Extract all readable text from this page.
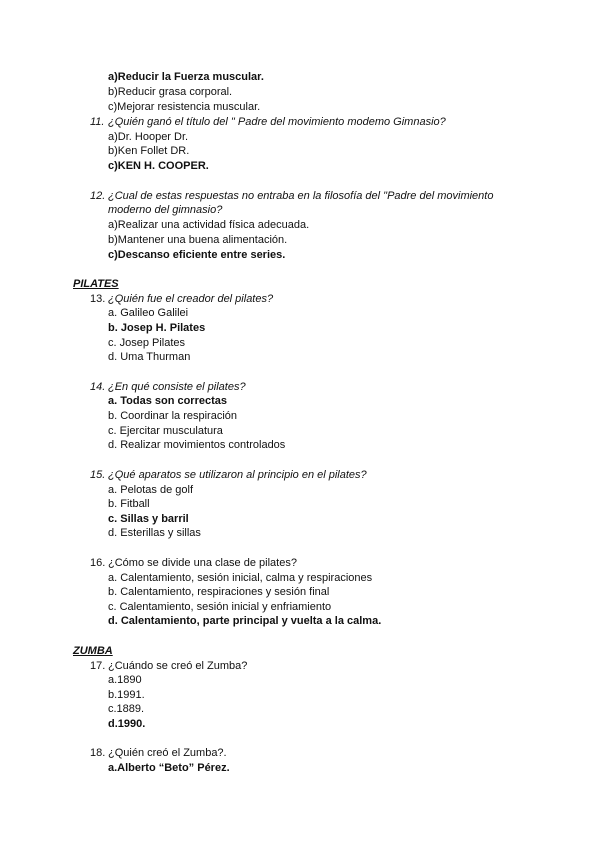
a)Reducir la Fuerza muscular.
b)Reducir grasa corporal.
c)Mejorar resistencia muscular.
11. ¿Quién ganó el título del " Padre del movimiento modemo Gimnasio?
a)Dr. Hooper Dr.
b)Ken Follet DR.
c)KEN H. COOPER.
12. ¿Cual de estas respuestas no entraba en la filosofía del "Padre del movimiento
moderno del gimnasio?
a)Realizar una actividad física adecuada.
b)Mantener una buena alimentación.
c)Descanso eficiente entre series.
PILATES
13. ¿Quién fue el creador del pilates?
a. Galileo Galilei
b. Josep H. Pilates
c. Josep Pilates
d. Uma Thurman
14. ¿En qué consiste el pilates?
a. Todas son correctas
b. Coordinar la respiración
c. Ejercitar musculatura
d. Realizar movimientos controlados
15. ¿Qué aparatos se utilizaron al principio en el pilates?
a. Pelotas de golf
b. Fitball
c. Sillas y barril
d. Esterillas y sillas
16. ¿Cómo se divide una clase de pilates?
a. Calentamiento, sesión inicial, calma y respiraciones
b. Calentamiento, respiraciones y sesión final
c. Calentamiento, sesión inicial y enfriamiento
d. Calentamiento, parte principal y vuelta a la calma.
ZUMBA
17. ¿Cuándo se creó el Zumba?
a.1890
b.1991.
c.1889.
d.1990.
18. ¿Quién creó el Zumba?.
a.Alberto “Beto” Pérez.
